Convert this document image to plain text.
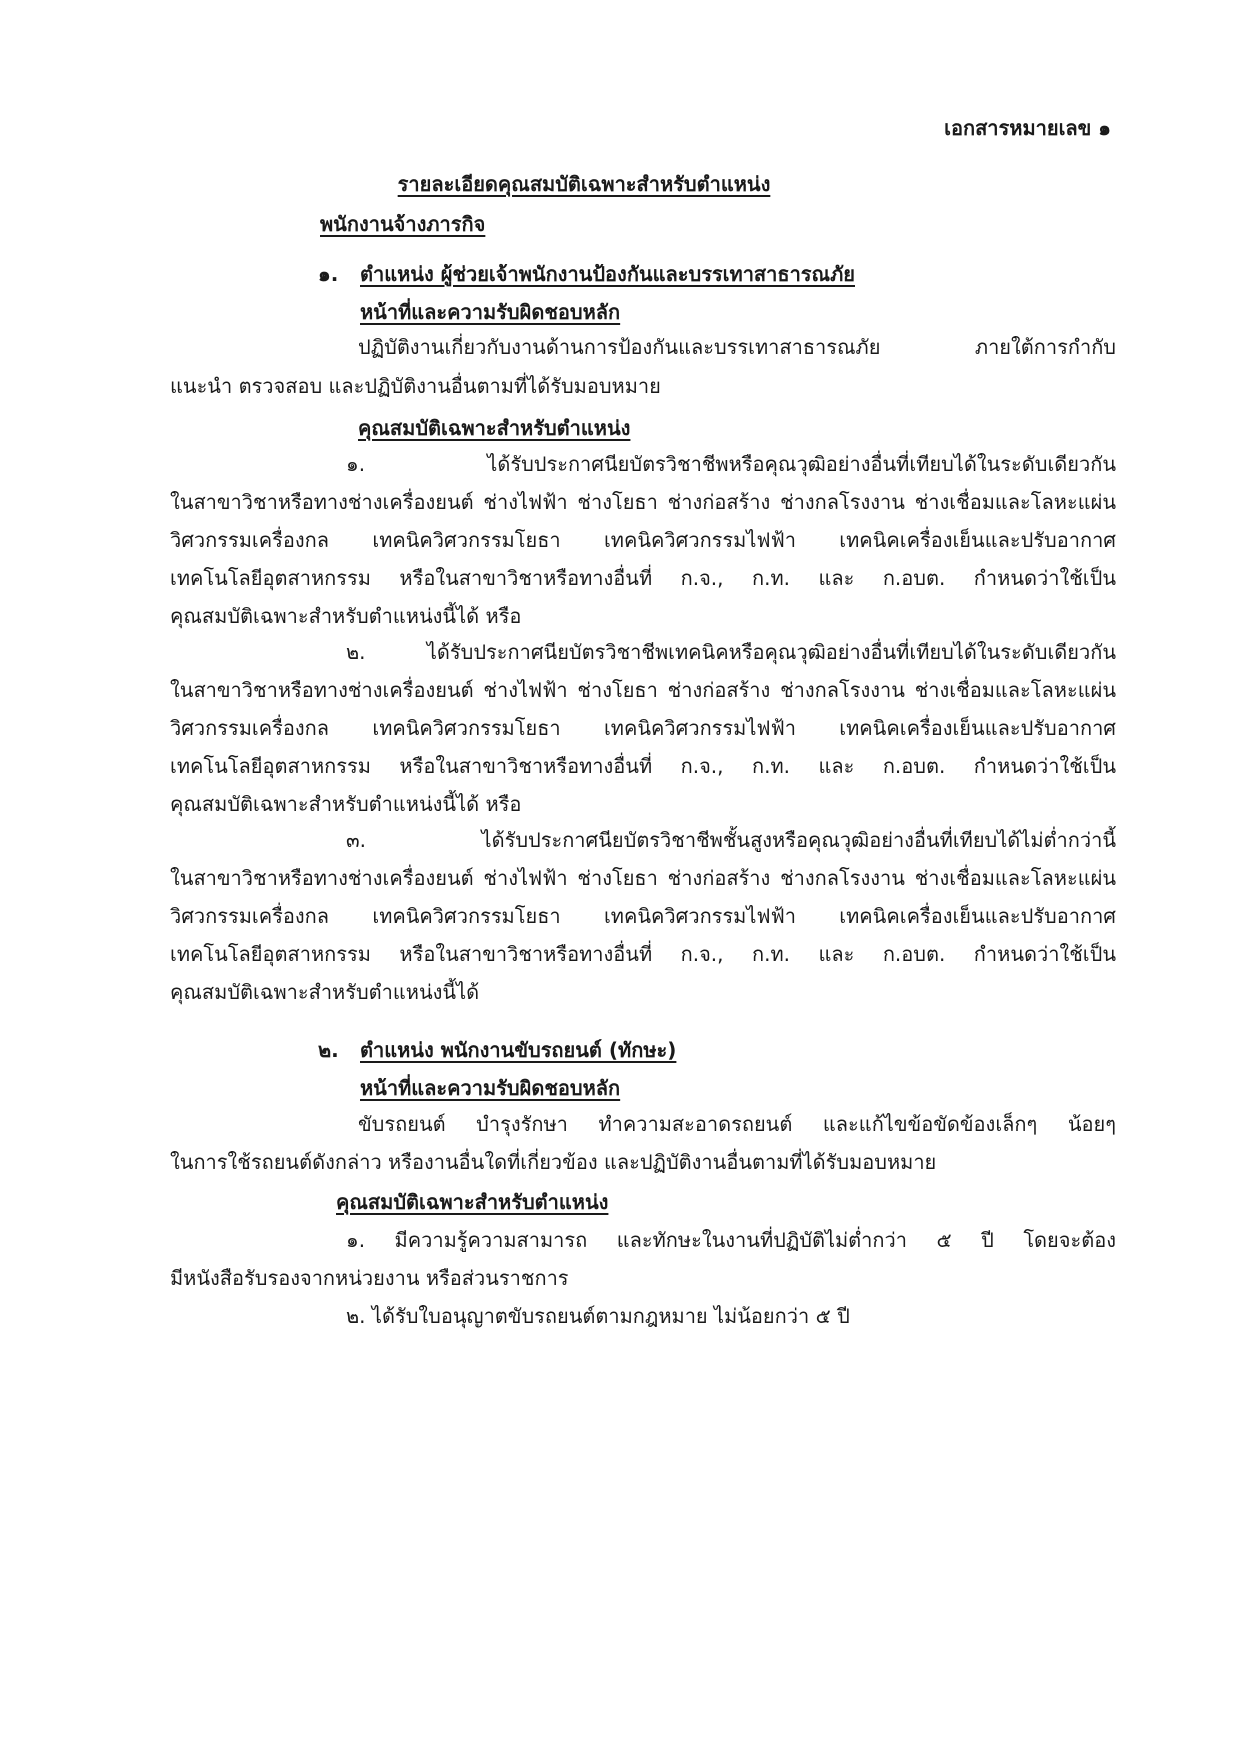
เอกสารหมายเลข ๑
รายละเอียดคุณสมบัติเฉพาะสำหรับตำแหน่ง
พนักงานจ้างภารกิจ
๑. ตำแหน่ง ผู้ช่วยเจ้าพนักงานป้องกันและบรรเทาสาธารณภัย
หน้าที่และความรับผิดชอบหลัก
ปฏิบัติงานเกี่ยวกับงานด้านการป้องกันและบรรเทาสาธารณภัย ภายใต้การกำกับ
แนะนำ ตรวจสอบ และปฏิบัติงานอื่นตามที่ได้รับมอบหมาย
คุณสมบัติเฉพาะสำหรับตำแหน่ง
๑. ได้รับประกาศนียบัตรวิชาชีพหรือคุณวุฒิอย่างอื่นที่เทียบได้ในระดับเดียวกัน
ในสาขาวิชาหรือทางช่างเครื่องยนต์ ช่างไฟฟ้า ช่างโยธา ช่างก่อสร้าง ช่างกลโรงงาน ช่างเชื่อมและโลหะแผ่น
วิศวกรรมเครื่องกล เทคนิควิศวกรรมโยธา เทคนิควิศวกรรมไฟฟ้า เทคนิคเครื่องเย็นและปรับอากาศ
เทคโนโลยีอุตสาหกรรม หรือในสาขาวิชาหรือทางอื่นที่ ก.จ., ก.ท. และ ก.อบต. กำหนดว่าใช้เป็น
คุณสมบัติเฉพาะสำหรับตำแหน่งนี้ได้ หรือ
๒. ได้รับประกาศนียบัตรวิชาชีพเทคนิคหรือคุณวุฒิอย่างอื่นที่เทียบได้ในระดับเดียวกัน
ในสาขาวิชาหรือทางช่างเครื่องยนต์ ช่างไฟฟ้า ช่างโยธา ช่างก่อสร้าง ช่างกลโรงงาน ช่างเชื่อมและโลหะแผ่น
วิศวกรรมเครื่องกล เทคนิควิศวกรรมโยธา เทคนิควิศวกรรมไฟฟ้า เทคนิคเครื่องเย็นและปรับอากาศ
เทคโนโลยีอุตสาหกรรม หรือในสาขาวิชาหรือทางอื่นที่ ก.จ., ก.ท. และ ก.อบต. กำหนดว่าใช้เป็น
คุณสมบัติเฉพาะสำหรับตำแหน่งนี้ได้ หรือ
๓. ได้รับประกาศนียบัตรวิชาชีพชั้นสูงหรือคุณวุฒิอย่างอื่นที่เทียบได้ไม่ต่ำกว่านี้
ในสาขาวิชาหรือทางช่างเครื่องยนต์ ช่างไฟฟ้า ช่างโยธา ช่างก่อสร้าง ช่างกลโรงงาน ช่างเชื่อมและโลหะแผ่น
วิศวกรรมเครื่องกล เทคนิควิศวกรรมโยธา เทคนิควิศวกรรมไฟฟ้า เทคนิคเครื่องเย็นและปรับอากาศ
เทคโนโลยีอุตสาหกรรม หรือในสาขาวิชาหรือทางอื่นที่ ก.จ., ก.ท. และ ก.อบต. กำหนดว่าใช้เป็น
คุณสมบัติเฉพาะสำหรับตำแหน่งนี้ได้
๒. ตำแหน่ง พนักงานขับรถยนต์ (ทักษะ)
หน้าที่และความรับผิดชอบหลัก
ขับรถยนต์ บำรุงรักษา ทำความสะอาดรถยนต์ และแก้ไขข้อขัดข้องเล็กๆ น้อยๆ
ในการใช้รถยนต์ดังกล่าว หรืองานอื่นใดที่เกี่ยวข้อง และปฏิบัติงานอื่นตามที่ได้รับมอบหมาย
คุณสมบัติเฉพาะสำหรับตำแหน่ง
๑. มีความรู้ความสามารถ และทักษะในงานที่ปฏิบัติไม่ต่ำกว่า ๕ ปี โดยจะต้อง
มีหนังสือรับรองจากหน่วยงาน หรือส่วนราชการ
๒. ได้รับใบอนุญาตขับรถยนต์ตามกฎหมาย ไม่น้อยกว่า ๕ ปี
